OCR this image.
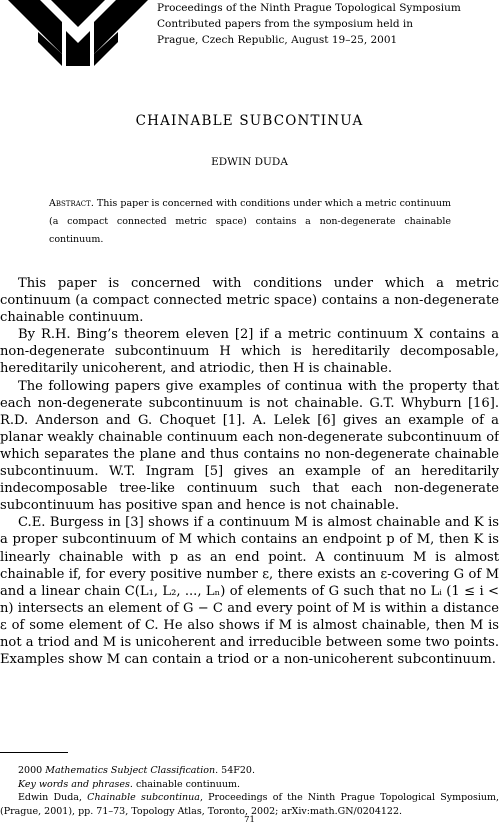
Proceedings of the Ninth Prague Topological Symposium
Contributed papers from the symposium held in
Prague, Czech Republic, August 19–25, 2001
CHAINABLE SUBCONTINUA
EDWIN DUDA
Abstract. This paper is concerned with conditions under which a metric continuum (a compact connected metric space) contains a non-degenerate chainable continuum.

This paper is concerned with conditions under which a metric continuum (a compact connected metric space) contains a non-degenerate chainable continuum.

By R.H. Bing’s theorem eleven [2] if a metric continuum X contains a non-degenerate subcontinuum H which is hereditarily decomposable, hereditarily unicoherent, and atriodic, then H is chainable.

The following papers give examples of continua with the property that each non-degenerate subcontinuum is not chainable. G.T. Whyburn [16]. R.D. Anderson and G. Choquet [1]. A. Lelek [6] gives an example of a planar weakly chainable continuum each non-degenerate subcontinuum of which separates the plane and thus contains no non-degenerate chainable subcontinuum. W.T. Ingram [5] gives an example of an hereditarily indecomposable tree-like continuum such that each non-degenerate subcontinuum has positive span and hence is not chainable.

C.E. Burgess in [3] shows if a continuum M is almost chainable and K is a proper subcontinuum of M which contains an endpoint p of M, then K is linearly chainable with p as an end point. A continuum M is almost chainable if, for every positive number ε, there exists an ε-covering G of M and a linear chain C(L₁, L₂, ..., Lₙ) of elements of G such that no Lᵢ (1 ≤ i < n) intersects an element of G − C and every point of M is within a distance ε of some element of C. He also shows if M is almost chainable, then M is not a triod and M is unicoherent and irreducible between some two points. Examples show M can contain a triod or a non-unicoherent subcontinuum.

2000 Mathematics Subject Classification. 54F20.

Key words and phrases. chainable continuum.

Edwin Duda, Chainable subcontinua, Proceedings of the Ninth Prague Topological Symposium, (Prague, 2001), pp. 71–73, Topology Atlas, Toronto, 2002; arXiv:math.GN/0204122.

71
